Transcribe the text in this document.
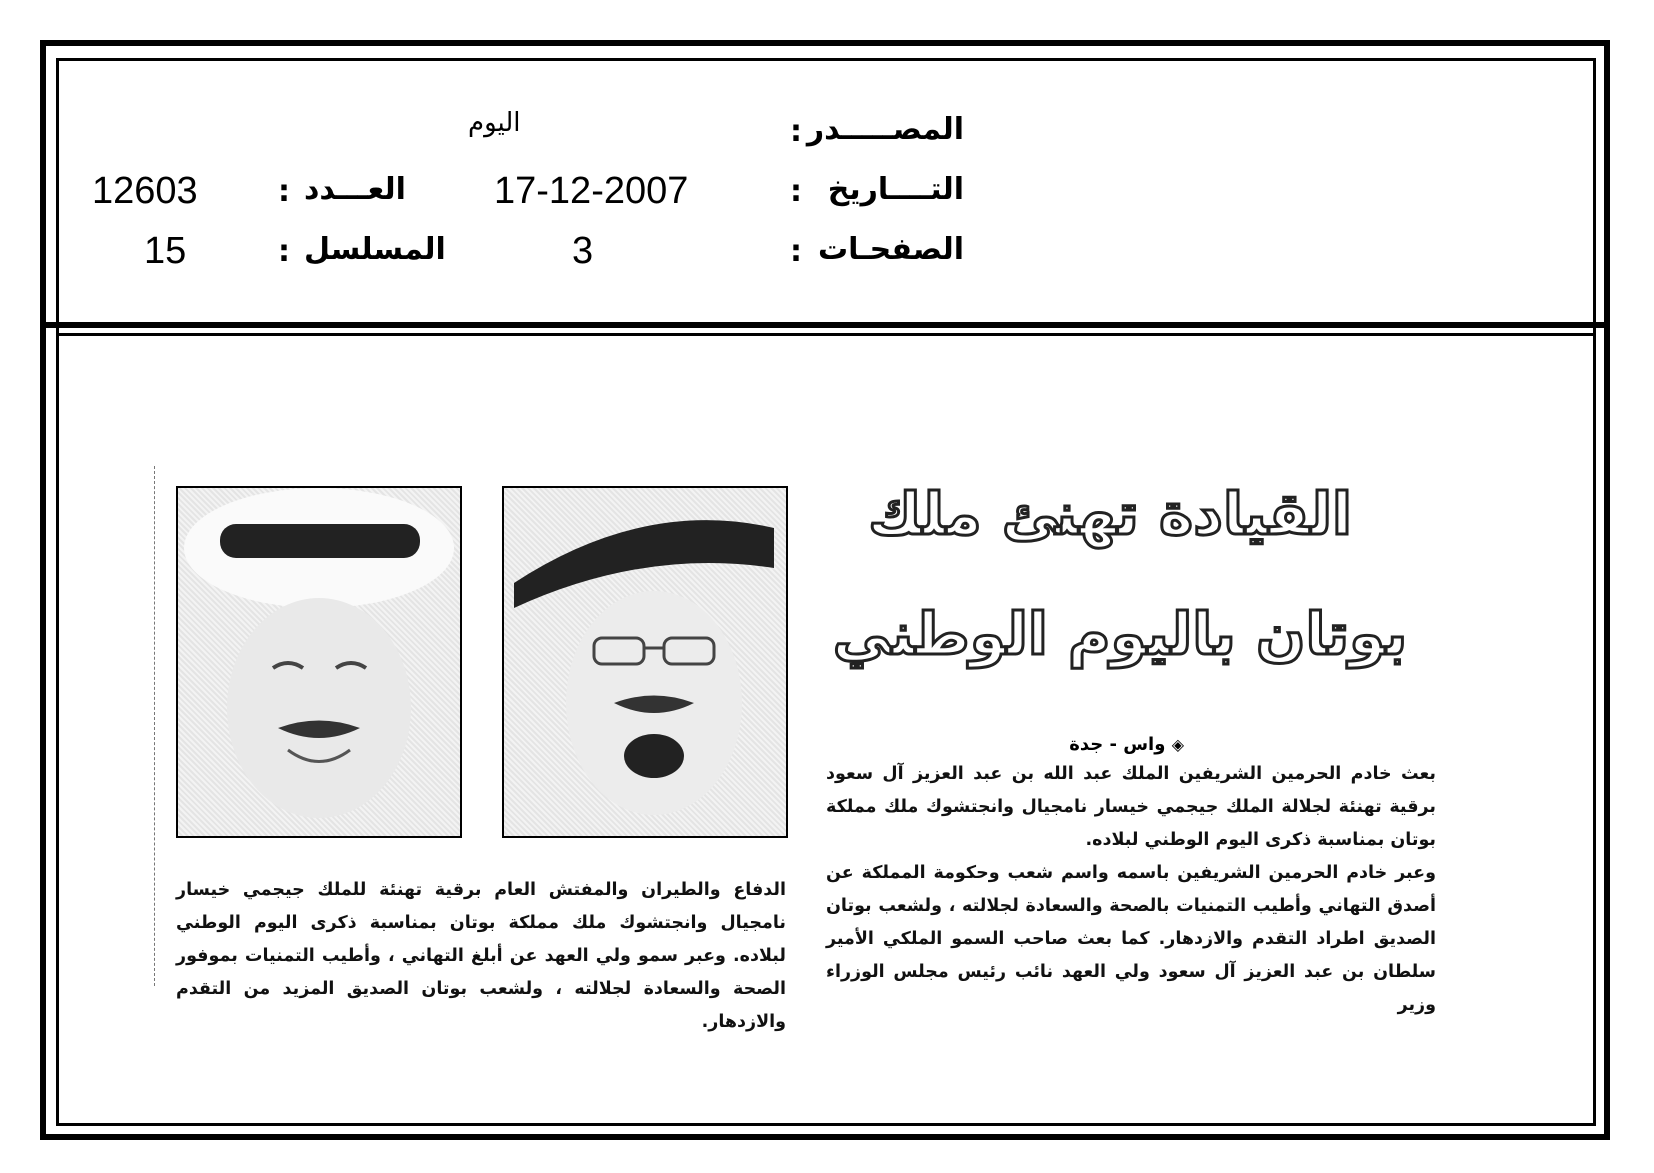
المصـــــدر
:
اليوم
التــــاريخ
:
17-12-2007
العـــدد
:
12603
الصفحـات
:
3
المسلسل
:
15
القيادة تهنئ ملك
بوتان باليوم الوطني
◈ واس - جدة

بعث خادم الحرمين الشريفين الملك عبد الله بن عبد العزيز آل سعود برقية تهنئة لجلالة الملك جيجمي خيسار نامجيال وانجتشوك ملك مملكة بوتان بمناسبة ذكرى اليوم الوطني لبلاده.

وعبر خادم الحرمين الشريفين باسمه واسم شعب وحكومة المملكة عن أصدق التهاني وأطيب التمنيات بالصحة والسعادة لجلالته ، ولشعب بوتان الصديق اطراد التقدم والازدهار. كما بعث صاحب السمو الملكي الأمير سلطان بن عبد العزيز آل سعود ولي العهد نائب رئيس مجلس الوزراء وزير

الدفاع والطيران والمفتش العام برقية تهنئة للملك جيجمي خيسار نامجيال وانجتشوك ملك مملكة بوتان بمناسبة ذكرى اليوم الوطني لبلاده. وعبر سمو ولي العهد عن أبلغ التهاني ، وأطيب التمنيات بموفور الصحة والسعادة لجلالته ، ولشعب بوتان الصديق المزيد من التقدم والازدهار.
